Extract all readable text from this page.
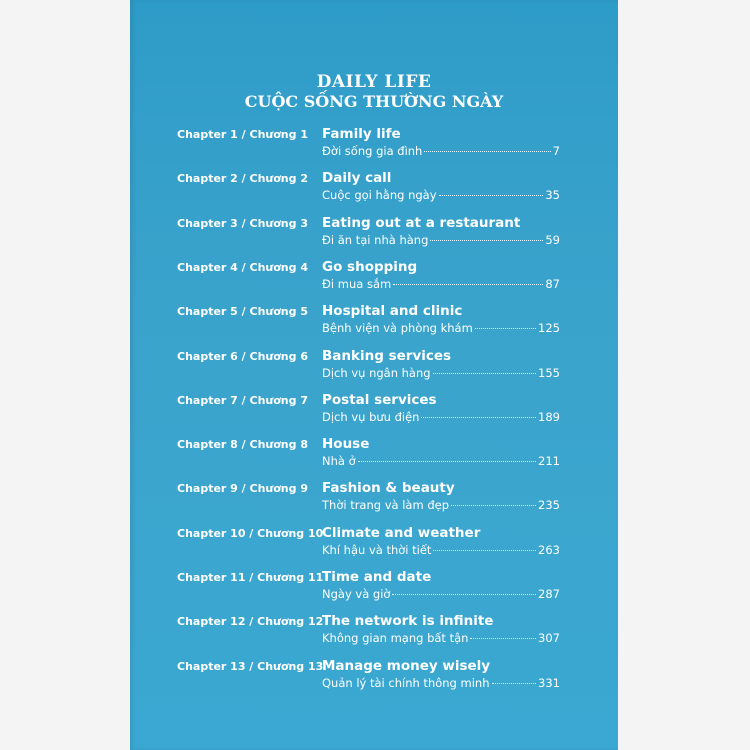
DAILY LIFE
CUỘC SỐNG THƯỜNG NGÀY
Chapter 1 / Chương 1 Family life
Đời sống gia đình	7
Chapter 2 / Chương 2 Daily call
Cuộc gọi hằng ngày	35
Chapter 3 / Chương 3 Eating out at a restaurant
Đi ăn tại nhà hàng	59
Chapter 4 / Chương 4 Go shopping
Đi mua sắm	87
Chapter 5 / Chương 5 Hospital and clinic
Bệnh viện và phòng khám	125
Chapter 6 / Chương 6 Banking services
Dịch vụ ngân hàng	155
Chapter 7 / Chương 7 Postal services
Dịch vụ bưu điện	189
Chapter 8 / Chương 8 House
Nhà ở	211
Chapter 9 / Chương 9 Fashion & beauty
Thời trang và làm đẹp	235
Chapter 10 / Chương 10
Climate and weather
Khí hậu và thời tiết	263
Chapter 11 / Chương 11
Time and date
Ngày và giờ	287
Chapter 12 / Chương 12
The network is infinite
Không gian mạng bất tận	307
Chapter 13 / Chương 13
Manage money wisely
Quản lý tài chính thông minh	331
